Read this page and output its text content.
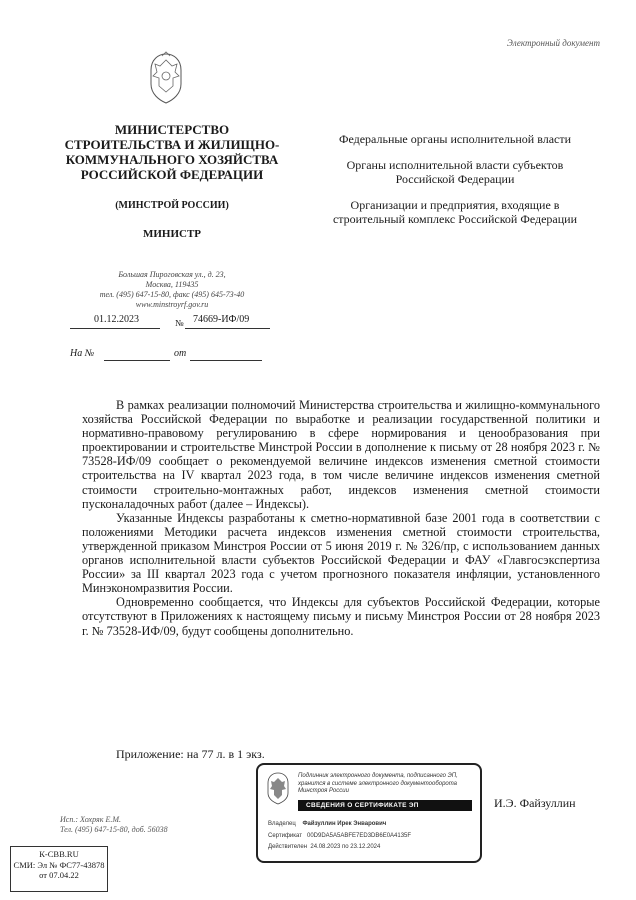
Электронный документ
МИНИСТЕРСТВО
СТРОИТЕЛЬСТВА И ЖИЛИЩНО-
КОММУНАЛЬНОГО ХОЗЯЙСТВА
РОССИЙСКОЙ ФЕДЕРАЦИИ
(МИНСТРОЙ РОССИИ)
МИНИСТР
Большая Пироговская ул., д. 23,
Москва, 119435
тел. (495) 647-15-80, факс (495) 645-73-40
www.minstroyrf.gov.ru
01.12.2023	№ 74669-ИФ/09
На №	от
Федеральные органы исполнительной власти
Органы исполнительной власти субъектов Российской Федерации
Организации и предприятия, входящие в строительный комплекс Российской Федерации

В рамках реализации полномочий Министерства строительства и жилищно-коммунального хозяйства Российской Федерации по выработке и реализации государственной политики и нормативно-правовому регулированию в сфере нормирования и ценообразования при проектировании и строительстве Минстрой России в дополнение к письму от 28 ноября 2023 г. № 73528-ИФ/09 сообщает о рекомендуемой величине индексов изменения сметной стоимости строительства на IV квартал 2023 года, в том числе величине индексов изменения сметной стоимости строительно-монтажных работ, индексов изменения сметной стоимости пусконаладочных работ (далее – Индексы).

Указанные Индексы разработаны к сметно-нормативной базе 2001 года в соответствии с положениями Методики расчета индексов изменения сметной стоимости строительства, утвержденной приказом Минстроя России от 5 июня 2019 г. № 326/пр, с использованием данных органов исполнительной власти субъектов Российской Федерации и ФАУ «Главгосэкспертиза России» за III квартал 2023 года с учетом прогнозного показателя инфляции, установленного Минэкономразвития России.

Одновременно сообщается, что Индексы для субъектов Российской Федерации, которые отсутствуют в Приложениях к настоящему письму и письму Минстроя России от 28 ноября 2023 г. № 73528-ИФ/09, будут сообщены дополнительно.

Приложение: на 77 л. в 1 экз.
Подлинник электронного документа, подписанного ЭП, хранится в системе электронного документооборота Минстроя России
СВЕДЕНИЯ О СЕРТИФИКАТЕ ЭП
Владелец Файзуллин Ирек Энварович
Сертификат 00D9DA5A5ABFE7ED3DB6E0A4135F
Действителен 24.08.2023 по 23.12.2024
И.Э. Файзуллин
Исп.: Хохряк Е.М.
Тел. (495) 647-15-80, доб. 56038
К-СВВ.RU
СМИ: Эл № ФС77-43878
от 07.04.22
